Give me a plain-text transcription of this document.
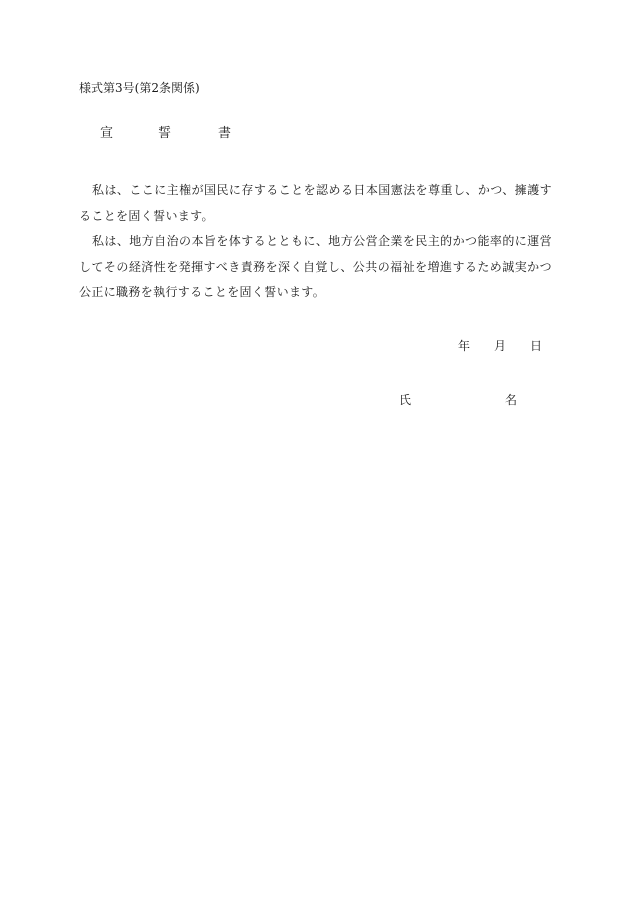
様式第3号(第2条関係)
宣	誓	書

私は、ここに主権が国民に存することを認める日本国憲法を尊重し、かつ、擁護することを固く誓います。

私は、地方自治の本旨を体するとともに、地方公営企業を民主的かつ能率的に運営してその経済性を発揮すべき責務を深く自覚し、公共の福祉を増進するため誠実かつ公正に職務を執行することを固く誓います。

年 月 日
氏	名
